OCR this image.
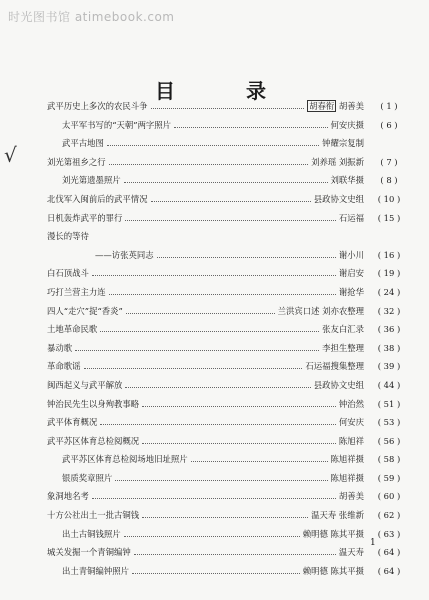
时光图书馆 atimebook.com
目 录
√
武平历史上多次的农民斗争	胡春衔 胡善美	( 1 )
太平军书写的“天朝”两字照片	何安庆摄	( 6 )
武平古地图	钟耀宗复制
刘光第祖乡之行	刘养瑶 刘振新	( 7 )
刘光第遗墨照片	刘联华摄	( 8 )
北伐军入闽前后的武平情况	县政协文史组	( 10 )
日机轰炸武平的罪行	石运福	( 15 )
漫长的等待
——访张英同志	谢小川	( 16 )
白石顶战斗	谢启安	( 19 )
巧打兰营主力连	谢抢华	( 24 )
四人“走穴”捉“香炎”	兰洪宾口述 刘亦农整理	( 32 )
土地革命民歌	张友白汇录	( 36 )
暴动歌	李担生整理	( 38 )
革命歌谣	石运福搜集整理	( 39 )
闽西起义与武平解放	县政协文史组	( 44 )
钟治民先生以身殉教事略	钟治然	( 51 )
武平体育概况	何安庆	( 53 )
武平苏区体育总检阅概况	陈旭祥	( 56 )
武平苏区体育总检阅场地旧址照片	陈旭祥摄	( 58 )
银质奖章照片	陈旭祥摄	( 59 )
象洞地名考	胡善美	( 60 )
十方公社出土一批古铜钱	温天寿 张维新	( 62 )
出土古铜钱照片	赖明德 陈其平摄	( 63 )
城关发掘一个青铜编钟	温天寿	( 64 )
出土青铜编钟照片	赖明德 陈其平摄	( 64 )
1
